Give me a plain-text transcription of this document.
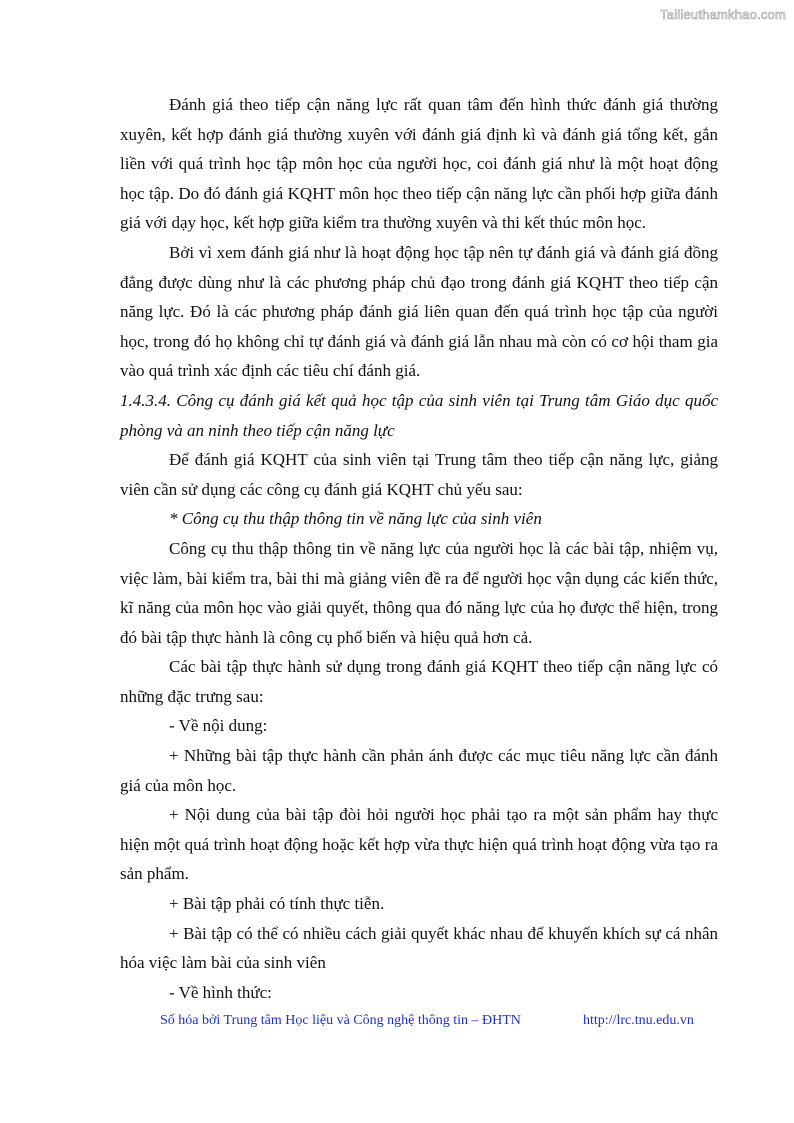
Tailieuthamkhao.com

Đánh giá theo tiếp cận năng lực rất quan tâm đến hình thức đánh giá thường xuyên, kết hợp đánh giá thường xuyên với đánh giá định kì và đánh giá tổng kết, gắn liền với quá trình học tập môn học của người học, coi đánh giá như là một hoạt động học tập. Do đó đánh giá KQHT môn học theo tiếp cận năng lực cần phối hợp giữa đánh giá với dạy học, kết hợp giữa kiểm tra thường xuyên và thi kết thúc môn học.

Bởi vì xem đánh giá như là hoạt động học tập nên tự đánh giá và đánh giá đồng đẳng được dùng như là các phương pháp chủ đạo trong đánh giá KQHT theo tiếp cận năng lực. Đó là các phương pháp đánh giá liên quan đến quá trình học tập của người học, trong đó họ không chỉ tự đánh giá và đánh giá lẫn nhau mà còn có cơ hội tham gia vào quá trình xác định các tiêu chí đánh giá.

1.4.3.4. Công cụ đánh giá kết quả học tập của sinh viên tại Trung tâm Giáo dục quốc phòng và an ninh theo tiếp cận năng lực

Để đánh giá KQHT của sinh viên tại Trung tâm theo tiếp cận năng lực, giảng viên cần sử dụng các công cụ đánh giá KQHT chủ yếu sau:

* Công cụ thu thập thông tin về năng lực của sinh viên

Công cụ thu thập thông tin về năng lực của người học là các bài tập, nhiệm vụ, việc làm, bài kiểm tra, bài thi mà giảng viên đề ra để người học vận dụng các kiến thức, kĩ năng của môn học vào giải quyết, thông qua đó năng lực của họ được thể hiện, trong đó bài tập thực hành là công cụ phổ biến và hiệu quả hơn cả.

Các bài tập thực hành sử dụng trong đánh giá KQHT theo tiếp cận năng lực có những đặc trưng sau:

- Về nội dung:

+ Những bài tập thực hành cần phản ánh được các mục tiêu năng lực cần đánh giá của môn học.

+ Nội dung của bài tập đòi hỏi người học phải tạo ra một sản phẩm hay thực hiện một quá trình hoạt động hoặc kết hợp vừa thực hiện quá trình hoạt động vừa tạo ra sản phẩm.

+ Bài tập phải có tính thực tiễn.

+ Bài tập có thể có nhiều cách giải quyết khác nhau để khuyến khích sự cá nhân hóa việc làm bài của sinh viên

- Về hình thức:

Số hóa bởi Trung tâm Học liệu và Công nghệ thông tin – ĐHTN	http://lrc.tnu.edu.vn
